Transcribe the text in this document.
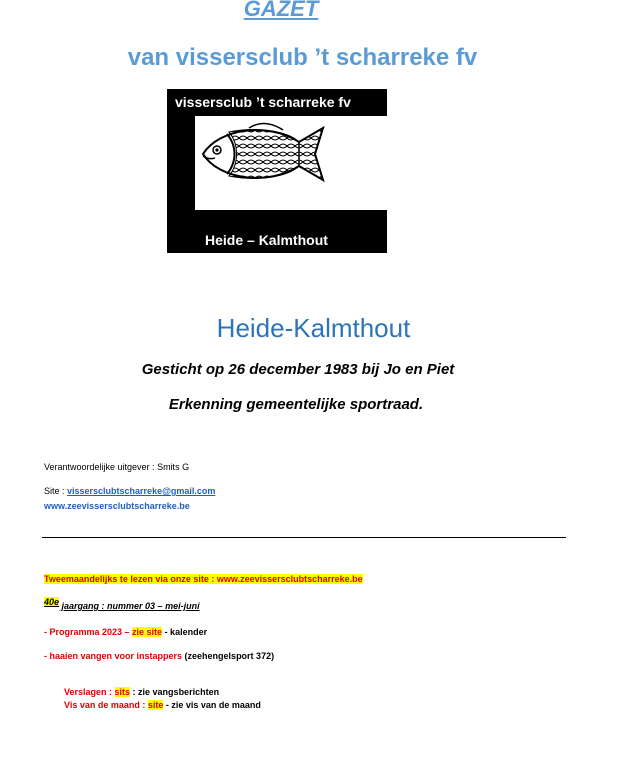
GAZET
van vissersclub ’t scharreke fv
vissersclub ’t scharreke fv
Heide – Kalmthout
Heide-Kalmthout
Gesticht op 26 december 1983 bij Jo en Piet
Erkenning gemeentelijke sportraad.
Verantwoordelijke uitgever : Smits G
Site : vissersclubtscharreke@gmail.com
www.zeevissersclubtscharreke.be
Tweemaandelijks te lezen via onze site : www.zeevissersclubtscharreke.be
40e jaargang : nummer 03 – mei-juni
- Programma 2023 – zie site - kalender
- haaien vangen voor instappers (zeehengelsport 372)
Verslagen : sits : zie vangsberichten
Vis van de maand : site - zie vis van de maand
